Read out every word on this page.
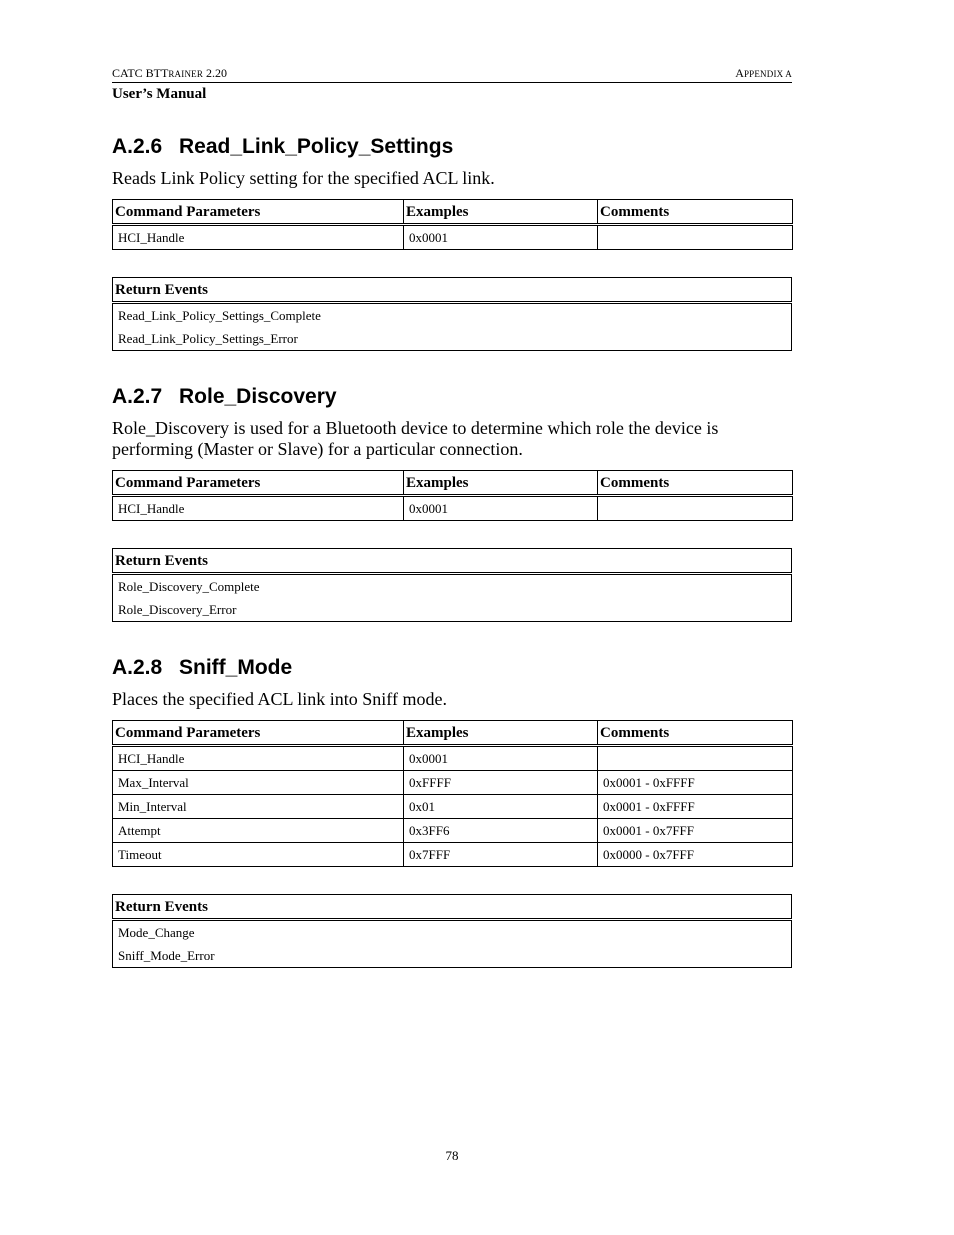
CATC BTTRAINER 2.20	APPENDIX A
User’s Manual
A.2.6 Read_Link_Policy_Settings

Reads Link Policy setting for the specified ACL link.

Command Parameters	Examples	Comments
HCI_Handle	0x0001	
Return Events
Read_Link_Policy_Settings_Complete
Read_Link_Policy_Settings_Error
A.2.7 Role_Discovery

Role_Discovery is used for a Bluetooth device to determine which role the device is performing (Master or Slave) for a particular connection.

Command Parameters	Examples	Comments
HCI_Handle	0x0001	
Return Events
Role_Discovery_Complete
Role_Discovery_Error
A.2.8 Sniff_Mode

Places the specified ACL link into Sniff mode.

Command Parameters	Examples	Comments
HCI_Handle	0x0001	
Max_Interval	0xFFFF	0x0001 - 0xFFFF
Min_Interval	0x01	0x0001 - 0xFFFF
Attempt	0x3FF6	0x0001 - 0x7FFF
Timeout	0x7FFF	0x0000 - 0x7FFF
Return Events
Mode_Change
Sniff_Mode_Error
78
